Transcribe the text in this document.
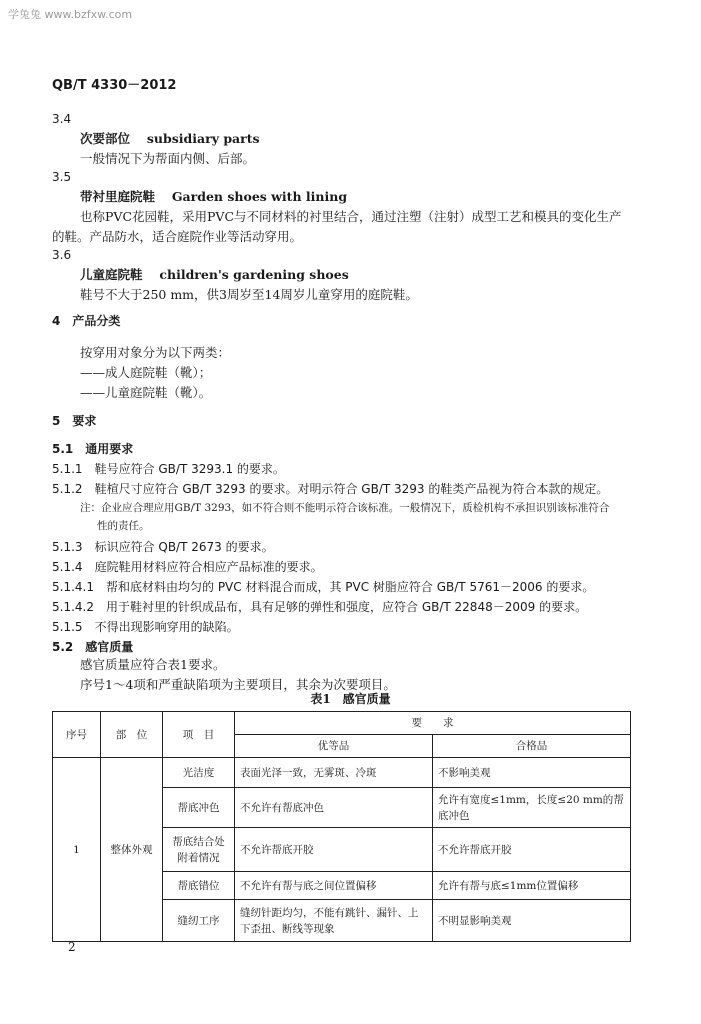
学兔兔 www.bzfxw.com
QB/T 4330－2012
3.4
次要部位　 subsidiary parts
一般情况下为帮面内侧、后部。
3.5
带衬里庭院鞋　 Garden shoes with lining
也称PVC花园鞋，采用PVC与不同材料的衬里结合，通过注塑（注射）成型工艺和模具的变化生产
的鞋。产品防水，适合庭院作业等活动穿用。
3.6
儿童庭院鞋　 children's gardening shoes
鞋号不大于250 mm，供3周岁至14周岁儿童穿用的庭院鞋。
4　 产品分类
按穿用对象分为以下两类：
——成人庭院鞋（靴）；
——儿童庭院鞋（靴）。
5　 要求
5.1　 通用要求
5.1.1　 鞋号应符合 GB/T 3293.1 的要求。
5.1.2　 鞋楦尺寸应符合 GB/T 3293 的要求。对明示符合 GB/T 3293 的鞋类产品视为符合本款的规定。
注：企业应合理应用GB/T 3293，如不符合则不能明示符合该标准。一般情况下，质检机构不承担识别该标准符合
性的责任。
5.1.3　 标识应符合 QB/T 2673 的要求。
5.1.4　 庭院鞋用材料应符合相应产品标准的要求。
5.1.4.1　 帮和底材料由均匀的 PVC 材料混合而成，其 PVC 树脂应符合 GB/T 5761－2006 的要求。
5.1.4.2　 用于鞋衬里的针织成品布，具有足够的弹性和强度，应符合 GB/T 22848－2009 的要求。
5.1.5　 不得出现影响穿用的缺陷。
5.2　 感官质量
感官质量应符合表1要求。
序号1～4项和严重缺陷项为主要项目，其余为次要项目。
表1　感官质量
序号	部　位	项　目	要　　求	
			优等品	合格品
1	整体外观	光洁度	表面光泽一致，无雾斑、冷斑	不影响美观
		帮底冲色	不允许有帮底冲色	允许有宽度≤1mm，长度≤20 mm的帮底冲色
		帮底结合处附着情况	不允许帮底开胶	不允许帮底开胶
		帮底错位	不允许有帮与底之间位置偏移	允许有帮与底≤1mm位置偏移
		缝纫工序	缝纫针距均匀，不能有跳针、漏针、上下歪扭、断线等现象	不明显影响美观
2
